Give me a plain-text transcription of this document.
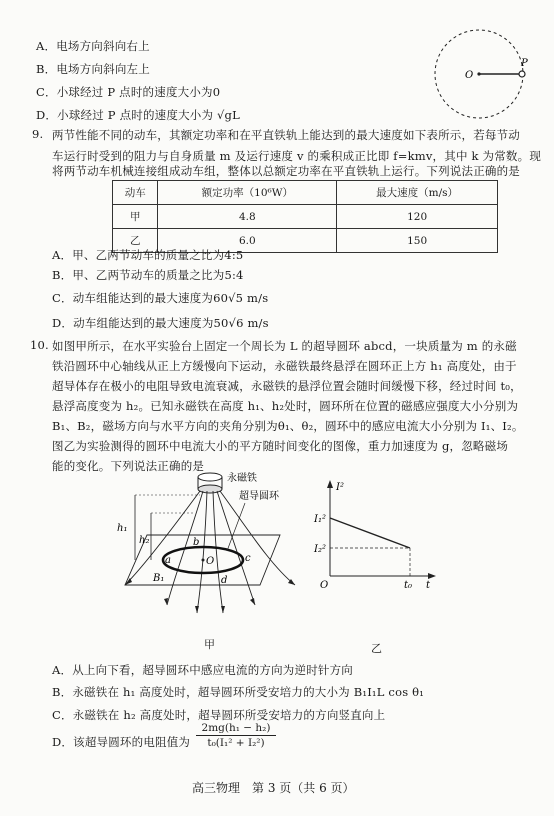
A．电场方向斜向右上
B．电场方向斜向左上
C．小球经过 P 点时的速度大小为0
D．小球经过 P 点时的速度大小为 √gL
O
P
9. 两节性能不同的动车，其额定功率和在平直铁轨上能达到的最大速度如下表所示，若每节动
车运行时受到的阻力与自身质量 m 及运行速度 v 的乘积成正比即 f=kmv，其中 k 为常数。现
将两节动车机械连接组成动车组，整体以总额定功率在平直铁轨上运行。下列说法正确的是
动车	额定功率（10⁶W）	最大速度（m/s）
甲	4.8	120
乙	6.0	150
A．甲、乙两节动车的质量之比为4:5
B．甲、乙两节动车的质量之比为5:4
C．动车组能达到的最大速度为60√5 m/s
D．动车组能达到的最大速度为50√6 m/s
10. 如图甲所示，在水平实验台上固定一个周长为 L 的超导圆环 abcd，一块质量为 m 的永磁
铁沿圆环中心轴线从正上方缓慢向下运动，永磁铁最终悬浮在圆环正上方 h₁ 高度处，由于
超导体存在极小的电阻导致电流衰减，永磁铁的悬浮位置会随时间缓慢下移，经过时间 t₀，
悬浮高度变为 h₂。已知永磁铁在高度 h₁、h₂处时，圆环所在位置的磁感应强度大小分别为
B₁、B₂，磁场方向与水平方向的夹角分别为θ₁、θ₂，圆环中的感应电流大小分别为 I₁、I₂。
图乙为实验测得的圆环中电流大小的平方随时间变化的图像，重力加速度为 g，忽略磁场
能的变化。下列说法正确的是
永磁铁
O
a
b
c
d
B₁
超导圆环
h₁
h₂
甲
I²
I₁²
I₂²
O	t₀ t
乙
A．从上向下看，超导圆环中感应电流的方向为逆时针方向
B．永磁铁在 h₁ 高度处时，超导圆环所受安培力的大小为 B₁I₁L cos θ₁
C．永磁铁在 h₂ 高度处时，超导圆环所受安培力的方向竖直向上
D．该超导圆环的电阻值为 $\frac{\text{2mg(h₁ − h₂)}}{\text{t₀(I₁² + I₂²)}}$
高三物理　第 3 页（共 6 页）
